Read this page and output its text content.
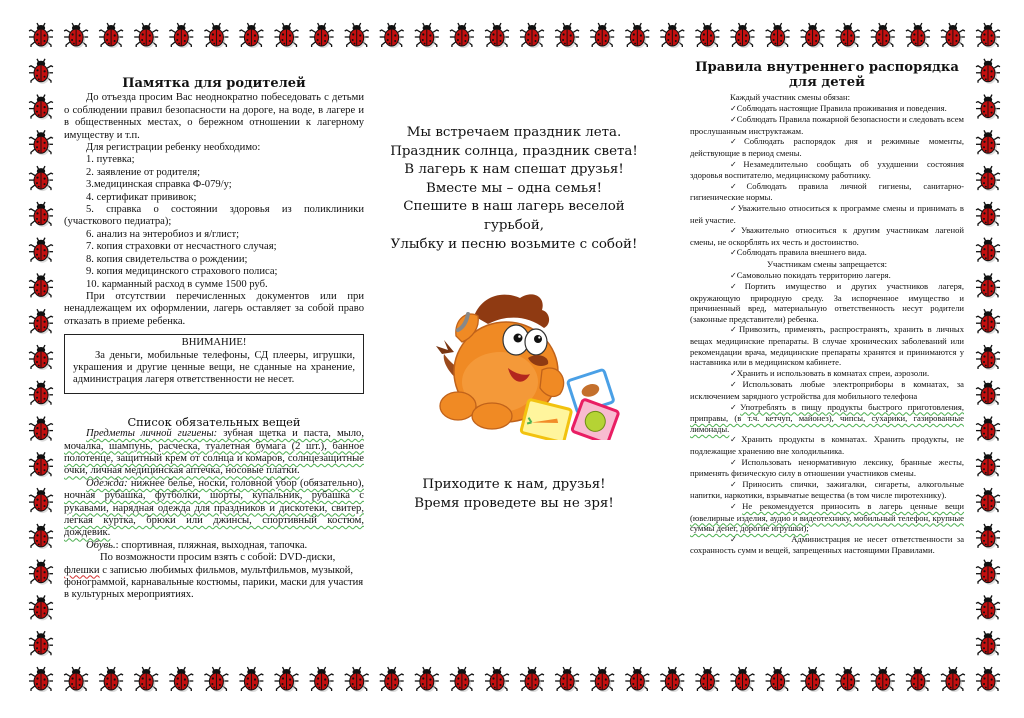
Памятка для родителей

До отъезда просим Вас неоднократно побеседовать с детьми о соблюдении правил безопасности на дороге, на воде, в лагере и в общественных местах, о бережном отношении к лагерному имуществу и т.п.

Для регистрации ребенку необходимо:

1. путевка;

2. заявление от родителя;

3.медицинская справка Ф-079/у;

4. сертификат прививок;

5. справка о состоянии здоровья из поликлиники (участкового педиатра);

6. анализ на энтеробиоз и я/глист;

7. копия страховки от несчастного случая;

8. копия свидетельства о рождении;

9. копия медицинского страхового полиса;

10. карманный расход в сумме 1500 руб.

При отсутствии перечисленных документов или при ненадлежащем их оформлении, лагерь оставляет за собой право отказать в приеме ребенка.

ВНИМАНИЕ!

За деньги, мобильные телефоны, СД плееры, игрушки, украшения и другие ценные вещи, не сданные на хранение, администрация лагеря ответственности не несет.

Список обязательных вещей

Предметы личной гигиены: зубная щетка и паста, мыло, мочалка, шампунь, расческа, туалетная бумага (2 шт.), банное полотенце, защитный крем от солнца и комаров, солнцезащитные очки, личная медицинская аптечка, носовые платки.

Одежда: нижнее белье, носки, головной убор (обязательно), ночная рубашка, футболки, шорты, купальник, рубашка с рукавами, нарядная одежда для праздников и дискотеки, свитер, легкая куртка, брюки или джинсы, спортивный костюм, дождевик.

Обувь.: спортивная, пляжная, выходная, тапочка.

По возможности просим взять с собой: DVD-диски, флешки с записью любимых фильмов, мультфильмов, музыкой, фонограммой, карнавальные костюмы, парики, маски для участия в культурных мероприятиях.

Мы встречаем праздник лета.

Праздник солнца, праздник света!

В лагерь к нам спешат друзья!

Вместе мы – одна семья!

Спешите в наш лагерь веселой

гурьбой,

Улыбку и песню возьмите с собой!

Приходите к нам, друзья!

Время проведете вы не зря!

Правила внутреннего распорядка
для детей

Каждый участник смены обязан:

✓Соблюдать настоящие Правила проживания и поведения.

✓Соблюдать Правила пожарной безопасности и следовать всем прослушанным инструктажам.

✓Соблюдать распорядок дня и режимные моменты, действующие в период смены.

✓Незамедлительно сообщать об ухудшении состояния здоровья воспитателю, медицинскому работнику.

✓Соблюдать правила личной гигиены, санитарно-гигиенические нормы.

✓Уважительно относиться к программе смены и принимать в ней участие.

✓Уважительно относиться к другим участникам лагеной смены, не оскорблять их честь и достоинство.

✓Соблюдать правила внешнего вида.

Участникам смены запрещается:

✓Самовольно покидать территорию лагеря.

✓Портить имущество и других участников лагеря, окружающую природную среду. За испорченное имущество и причиненный вред, материальную ответственность несут родители (законные представители) ребенка.

✓Привозить, применять, распространять, хранить в личных вещах медицинские препараты. В случае хронических заболеваний или рекомендации врача, медицинские препараты хранятся и принимаются у наставника или в медицинском кабинете.

✓Хранить и использовать в комнатах спреи, аэрозоли.

✓Использовать любые электроприборы в комнатах, за исключением зарядного устройства для мобильного телефона

✓Употреблять в пищу продукты быстрого приготовления, приправы, (в т.ч. кетчуп, майонез), чипсы, сухарики, газированные лимонады.

✓Хранить продукты в комнатах. Хранить продукты, не подлежащие хранению вне холодильника.

✓Использовать ненормативную лексику, бранные жесты, применять физическую силу в отношении участников смены.

✓Приносить спички, зажигалки, сигареты, алкогольные напитки, наркотики, взрывчатые вещества (в том числе пиротехнику).

✓Не рекомендуется приносить в лагерь ценные вещи (ювелирные изделия, аудио и видеотехнику, мобильный телефон, крупные суммы денег, дорогие игрушки);

✓	Администрация не несет ответственности за сохранность сумм и вещей, запрещенных настоящими Правилами.
